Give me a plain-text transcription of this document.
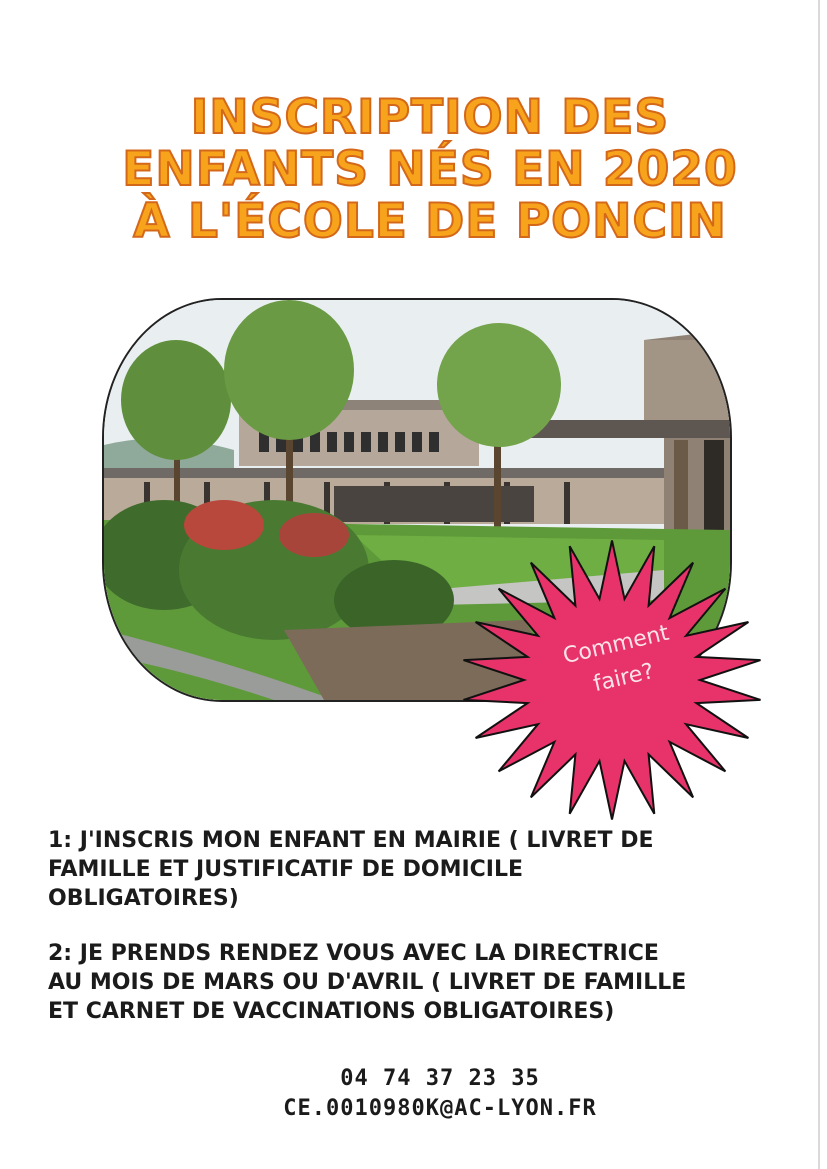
INSCRIPTION DES
ENFANTS NÉS EN 2020
À L'ÉCOLE DE PONCIN
Comment
faire?

1: J'INSCRIS MON ENFANT EN MAIRIE ( LIVRET DE
FAMILLE ET JUSTIFICATIF DE DOMICILE
OBLIGATOIRES)

2: JE PRENDS RENDEZ VOUS AVEC LA DIRECTRICE
AU MOIS DE MARS OU D'AVRIL ( LIVRET DE FAMILLE
ET CARNET DE VACCINATIONS OBLIGATOIRES)

04 74 37 23 35
CE.0010980K@AC-LYON.FR
